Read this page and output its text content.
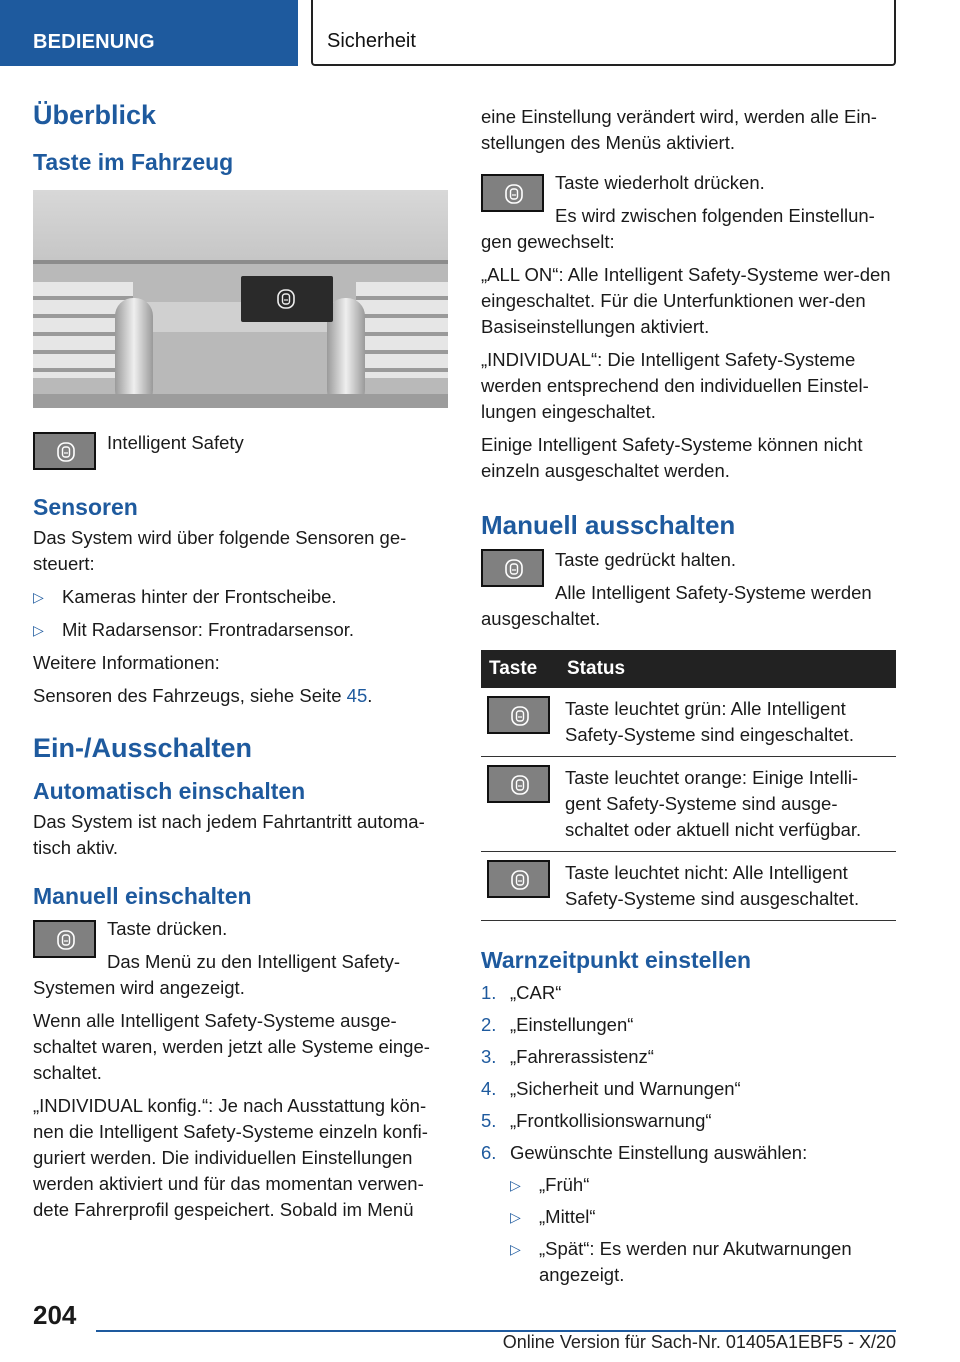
BEDIENUNG	Sicherheit
Überblick
Taste im Fahrzeug

Intelligent Safety

Sensoren

Das System wird über folgende Sensoren ge-steuert:

▷ Kameras hinter der Frontscheibe.
▷ Mit Radarsensor: Frontradarsensor.

Weitere Informationen:

Sensoren des Fahrzeugs, siehe Seite 45.

Ein-/Ausschalten
Automatisch einschalten

Das System ist nach jedem Fahrtantritt automa-tisch aktiv.

Manuell einschalten

Taste drücken.

Das Menü zu den Intelligent Safety-Systemen wird angezeigt.

Wenn alle Intelligent Safety-Systeme ausge-schaltet waren, werden jetzt alle Systeme einge-schaltet.

„INDIVIDUAL konfig.“: Je nach Ausstattung kön-nen die Intelligent Safety-Systeme einzeln konfi-guriert werden. Die individuellen Einstellungen werden aktiviert und für das momentan verwen-dete Fahrerprofil gespeichert. Sobald im Menü

eine Einstellung verändert wird, werden alle Ein-stellungen des Menüs aktiviert.

Taste wiederholt drücken.

Es wird zwischen folgenden Einstellun-gen gewechselt:

„ALL ON“: Alle Intelligent Safety-Systeme wer-den eingeschaltet. Für die Unterfunktionen wer-den Basiseinstellungen aktiviert.

„INDIVIDUAL“: Die Intelligent Safety-Systeme werden entsprechend den individuellen Einstel-lungen eingeschaltet.

Einige Intelligent Safety-Systeme können nicht einzeln ausgeschaltet werden.

Manuell ausschalten

Taste gedrückt halten.

Alle Intelligent Safety-Systeme werden ausgeschaltet.

Taste	Status

	Taste leuchtet grün: Alle Intelligent Safety-Systeme sind eingeschaltet.

	Taste leuchtet orange: Einige Intelli-gent Safety-Systeme sind ausge-schaltet oder aktuell nicht verfügbar.

	Taste leuchtet nicht: Alle Intelligent Safety-Systeme sind ausgeschaltet.
Warnzeitpunkt einstellen
1. „CAR“
2. „Einstellungen“
3. „Fahrerassistenz“
4. „Sicherheit und Warnungen“
5. „Frontkollisionswarnung“
6. Gewünschte Einstellung auswählen:
▷ „Früh“
▷ „Mittel“
▷ „Spät“: Es werden nur Akutwarnungen angezeigt.
204
Online Version für Sach-Nr. 01405A1EBF5 - X/20
